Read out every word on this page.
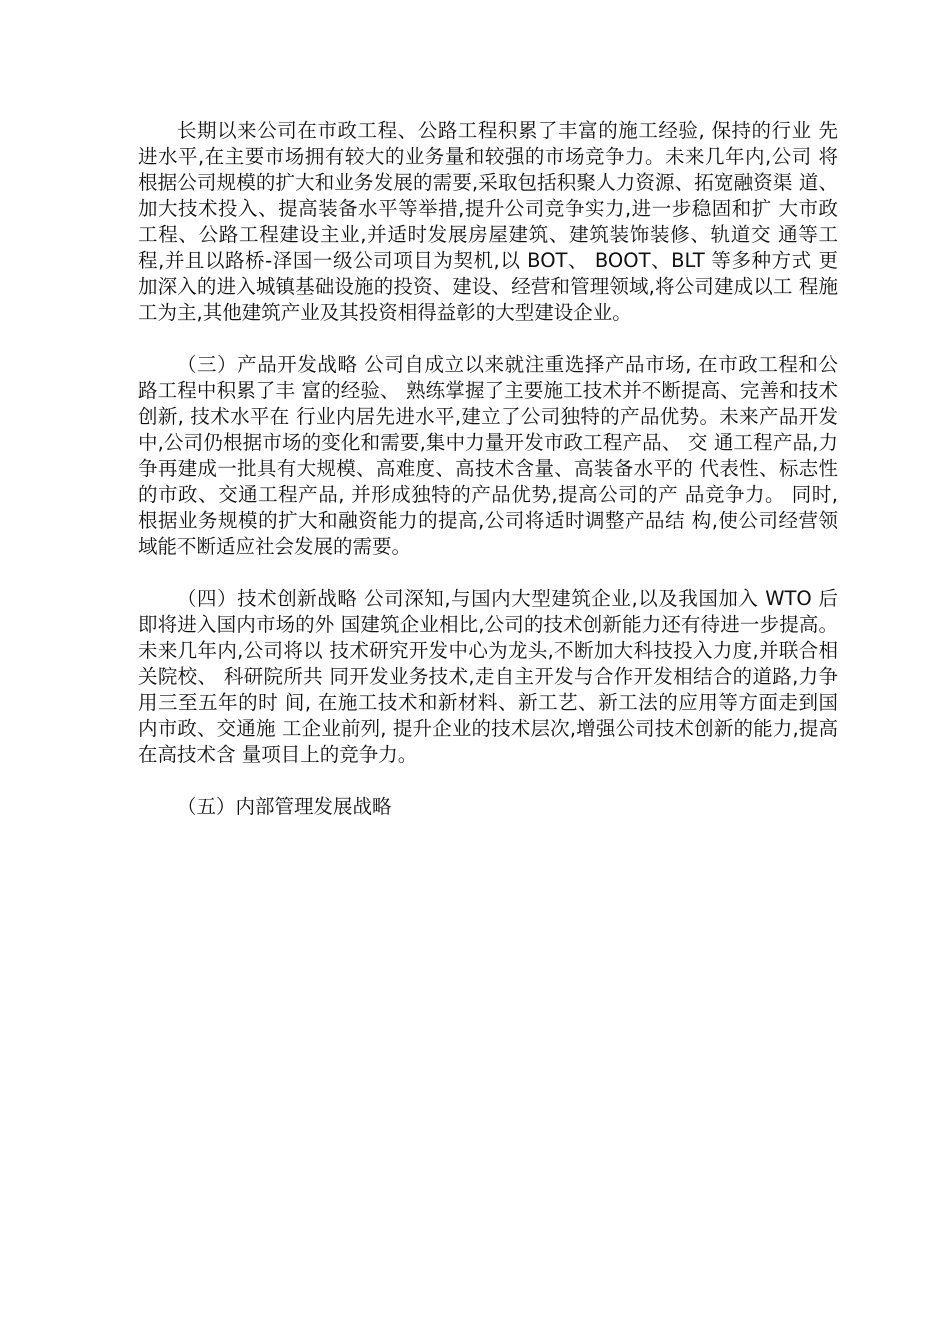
长期以来公司在市政工程、公路工程积累了丰富的施工经验, 保持的行业 先进水平,在主要市场拥有较大的业务量和较强的市场竞争力。未来几年内,公司 将根据公司规模的扩大和业务发展的需要,采取包括积聚人力资源、拓宽融资渠 道、 加大技术投入、提高装备水平等举措,提升公司竞争实力,进一步稳固和扩 大市政工程、公路工程建设主业,并适时发展房屋建筑、建筑装饰装修、轨道交 通等工程,并且以路桥-泽国一级公司项目为契机,以 BOT、 BOOT、BLT 等多种方式 更加深入的进入城镇基础设施的投资、建设、经营和管理领域,将公司建成以工 程施工为主,其他建筑产业及其投资相得益彰的大型建设企业。

（三）产品开发战略 公司自成立以来就注重选择产品市场, 在市政工程和公路工程中积累了丰 富的经验、 熟练掌握了主要施工技术并不断提高、完善和技术创新, 技术水平在 行业内居先进水平,建立了公司独特的产品优势。未来产品开发中,公司仍根据市场的变化和需要,集中力量开发市政工程产品、 交 通工程产品,力争再建成一批具有大规模、高难度、高技术含量、高装备水平的 代表性、标志性的市政、交通工程产品, 并形成独特的产品优势,提高公司的产 品竞争力。 同时,根据业务规模的扩大和融资能力的提高,公司将适时调整产品结 构,使公司经营领域能不断适应社会发展的需要。

（四）技术创新战略 公司深知,与国内大型建筑企业,以及我国加入 WTO 后即将进入国内市场的外 国建筑企业相比,公司的技术创新能力还有待进一步提高。 未来几年内,公司将以 技术研究开发中心为龙头,不断加大科技投入力度,并联合相关院校、 科研院所共 同开发业务技术,走自主开发与合作开发相结合的道路,力争用三至五年的时 间, 在施工技术和新材料、新工艺、新工法的应用等方面走到国内市政、交通施 工企业前列, 提升企业的技术层次,增强公司技术创新的能力,提高在高技术含 量项目上的竞争力。

（五）内部管理发展战略
